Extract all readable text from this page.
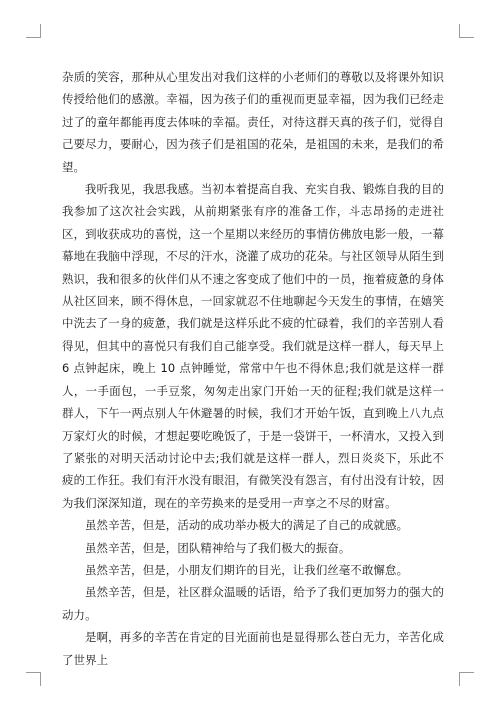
杂质的笑容，那种从心里发出对我们这样的小老师们的尊敬以及将课外知识传授给他们的感激。幸福，因为孩子们的重视而更显幸福，因为我们已经走过了的童年都能再度去体味的幸福。责任，对待这群天真的孩子们，觉得自己要尽力，要耐心，因为孩子们是祖国的花朵，是祖国的未来，是我们的希望。

我听我见，我思我感。当初本着提高自我、充实自我、锻炼自我的目的我参加了这次社会实践，从前期紧张有序的准备工作，斗志昂扬的走进社区，到收获成功的喜悦，这一个星期以来经历的事情仿佛放电影一般，一幕幕地在我脑中浮现，不尽的汗水，浇灌了成功的花朵。与社区领导从陌生到熟识，我和很多的伙伴们从不速之客变成了他们中的一员，拖着疲惫的身体从社区回来，顾不得休息，一回家就忍不住地聊起今天发生的事情，在嬉笑中洗去了一身的疲惫，我们就是这样乐此不疲的忙碌着，我们的辛苦别人看得见，但其中的喜悦只有我们自己能享受。我们就是这样一群人，每天早上 6 点钟起床，晚上 10 点钟睡觉，常常中午也不得休息;我们就是这样一群人，一手面包，一手豆浆，匆匆走出家门开始一天的征程;我们就是这样一群人，下午一两点别人午休避暑的时候，我们才开始午饭，直到晚上八九点万家灯火的时候，才想起要吃晚饭了，于是一袋饼干，一杯清水，又投入到了紧张的对明天活动讨论中去;我们就是这样一群人，烈日炎炎下，乐此不疲的工作狂。我们有汗水没有眼泪，有微笑没有怨言，有付出没有计较，因为我们深深知道，现在的辛劳换来的是受用一声享之不尽的财富。

虽然辛苦，但是，活动的成功举办极大的满足了自己的成就感。

虽然辛苦，但是，团队精神给与了我们极大的振奋。

虽然辛苦，但是，小朋友们期许的目光，让我们丝毫不敢懈怠。

虽然辛苦，但是，社区群众温暖的话语，给予了我们更加努力的强大的动力。

是啊，再多的辛苦在肯定的目光面前也是显得那么苍白无力，辛苦化成了世界上
